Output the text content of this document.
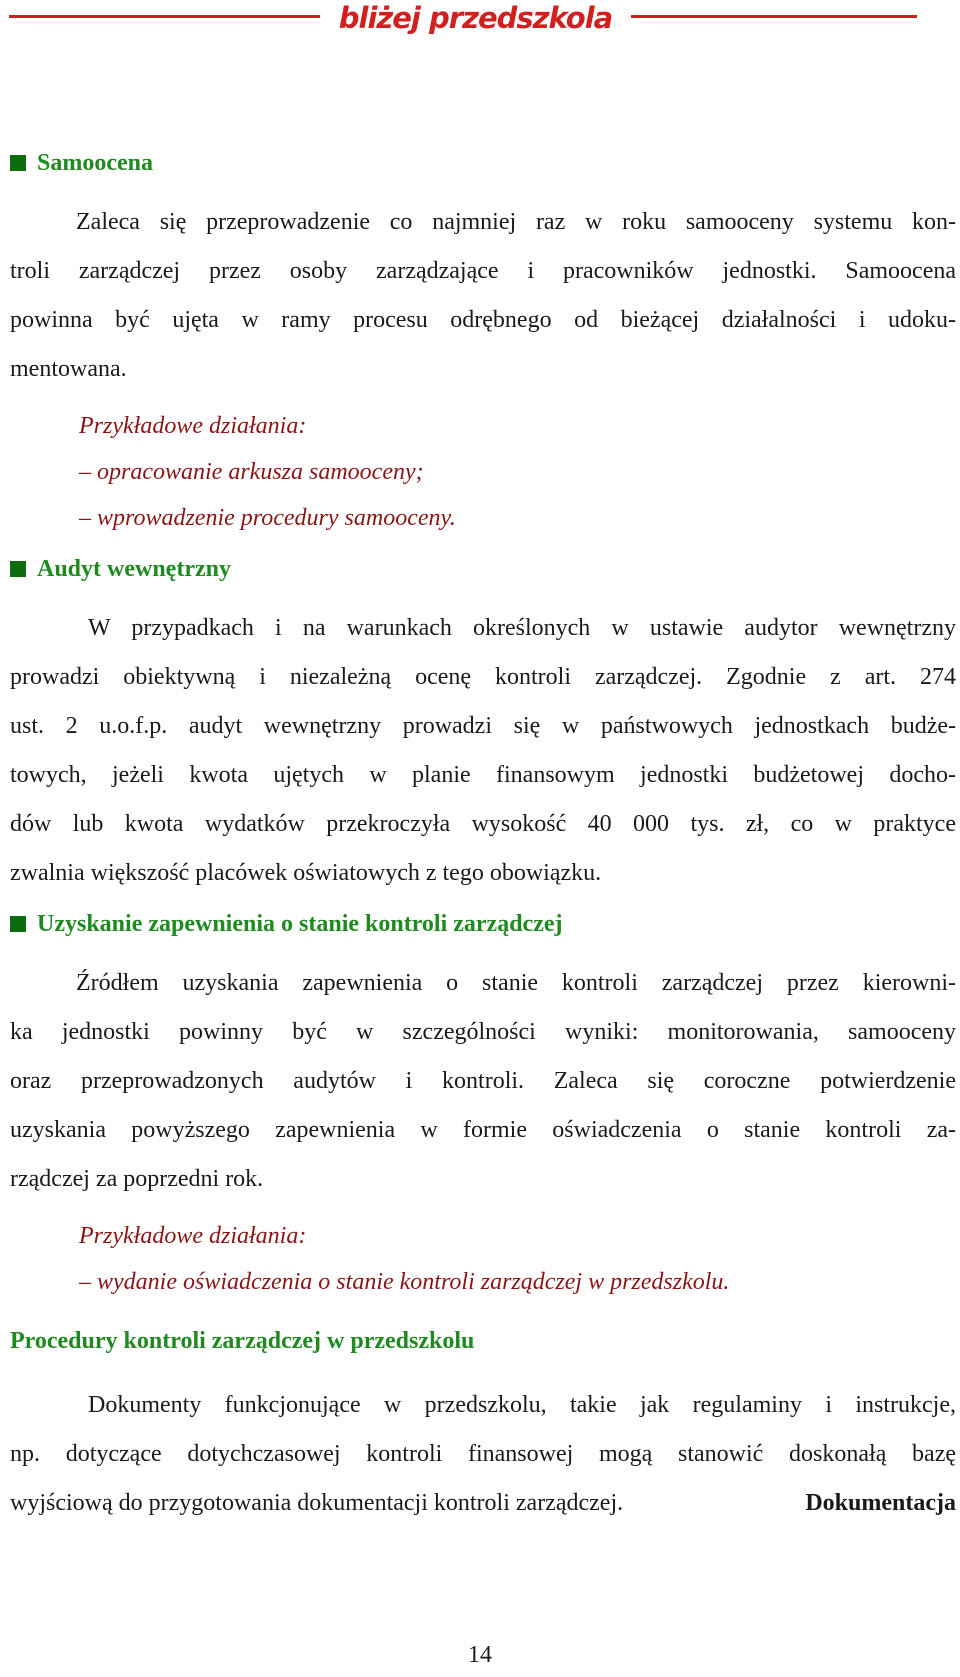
bliżej przedszkola
Samoocena

Zaleca się przeprowadzenie co najmniej raz w roku samooceny systemu kon-
troli zarządczej przez osoby zarządzające i pracowników jednostki. Samoocena
powinna być ujęta w ramy procesu odrębnego od bieżącej działalności i udoku-
mentowana.

Przykładowe działania:
– opracowanie arkusza samooceny;
– wprowadzenie procedury samooceny.
Audyt wewnętrzny

W przypadkach i na warunkach określonych w ustawie audytor wewnętrzny
prowadzi obiektywną i niezależną ocenę kontroli zarządczej. Zgodnie z art. 274
ust. 2 u.o.f.p. audyt wewnętrzny prowadzi się w państwowych jednostkach budże-
towych, jeżeli kwota ujętych w planie finansowym jednostki budżetowej docho-
dów lub kwota wydatków przekroczyła wysokość 40 000 tys. zł, co w praktyce
zwalnia większość placówek oświatowych z tego obowiązku.

Uzyskanie zapewnienia o stanie kontroli zarządczej

Źródłem uzyskania zapewnienia o stanie kontroli zarządczej przez kierowni-
ka jednostki powinny być w szczególności wyniki: monitorowania, samooceny
oraz przeprowadzonych audytów i kontroli. Zaleca się coroczne potwierdzenie
uzyskania powyższego zapewnienia w formie oświadczenia o stanie kontroli za-
rządczej za poprzedni rok.

Przykładowe działania:
– wydanie oświadczenia o stanie kontroli zarządczej w przedszkolu.
Procedury kontroli zarządczej w przedszkolu

Dokumenty funkcjonujące w przedszkolu, takie jak regulaminy i instrukcje,
np. dotyczące dotychczasowej kontroli finansowej mogą stanowić doskonałą bazę
wyjściową do przygotowania dokumentacji kontroli zarządczej.	Dokumentacja

14
